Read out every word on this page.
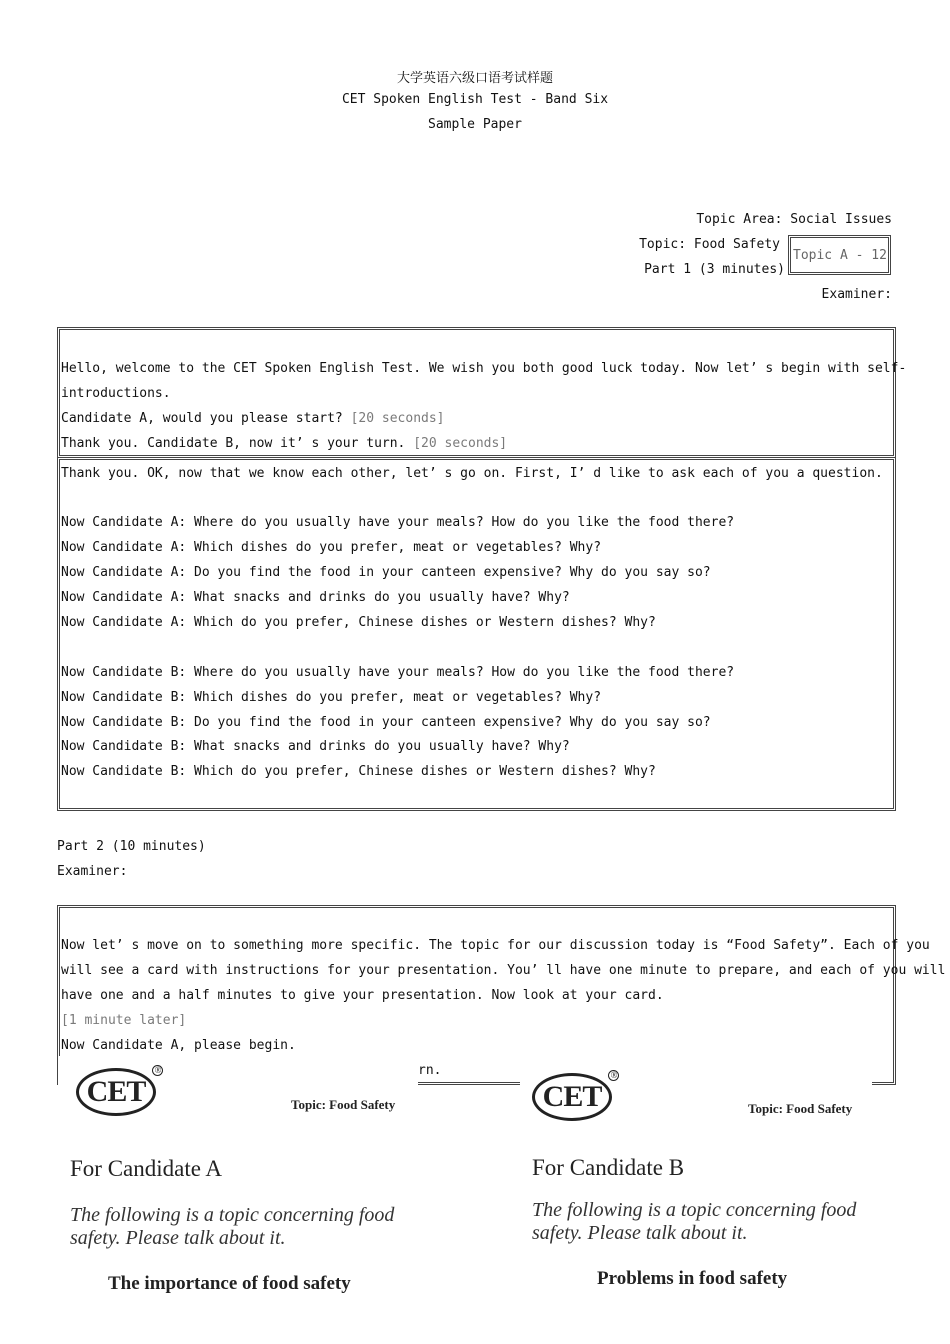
大学英语六级口语考试样题
CET Spoken English Test - Band Six
Sample Paper
Topic Area: Social Issues
Topic: Food Safety
Topic A - 12
Part 1 (3 minutes)
Examiner:
Hello, welcome to the CET Spoken English Test. We wish you both good luck today. Now let’ s begin with self-
introductions.
Candidate A, would you please start? [20 seconds]
Thank you. Candidate B, now it’ s your turn. [20 seconds]
Thank you. OK, now that we know each other, let’ s go on. First, I’ d like to ask each of you a question.
Now Candidate A: Where do you usually have your meals? How do you like the food there?
Now Candidate A: Which dishes do you prefer, meat or vegetables? Why?
Now Candidate A: Do you find the food in your canteen expensive? Why do you say so?
Now Candidate A: What snacks and drinks do you usually have? Why?
Now Candidate A: Which do you prefer, Chinese dishes or Western dishes? Why?
Now Candidate B: Where do you usually have your meals? How do you like the food there?
Now Candidate B: Which dishes do you prefer, meat or vegetables? Why?
Now Candidate B: Do you find the food in your canteen expensive? Why do you say so?
Now Candidate B: What snacks and drinks do you usually have? Why?
Now Candidate B: Which do you prefer, Chinese dishes or Western dishes? Why?
Part 2 (10 minutes)
Examiner:
Now let’ s move on to something more specific. The topic for our discussion today is “Food Safety”. Each of you
will see a card with instructions for your presentation. You’ ll have one minute to prepare, and each of you will
have one and a half minutes to give your presentation. Now look at your card.
[1 minute later]
Now Candidate A, please begin.
rn.
CET
®
Topic: Food Safety
For Candidate A
The following is a topic concerning food
safety. Please talk about it.
The importance of food safety
CET
®
Topic: Food Safety
For Candidate B
The following is a topic concerning food
safety. Please talk about it.
Problems in food safety
